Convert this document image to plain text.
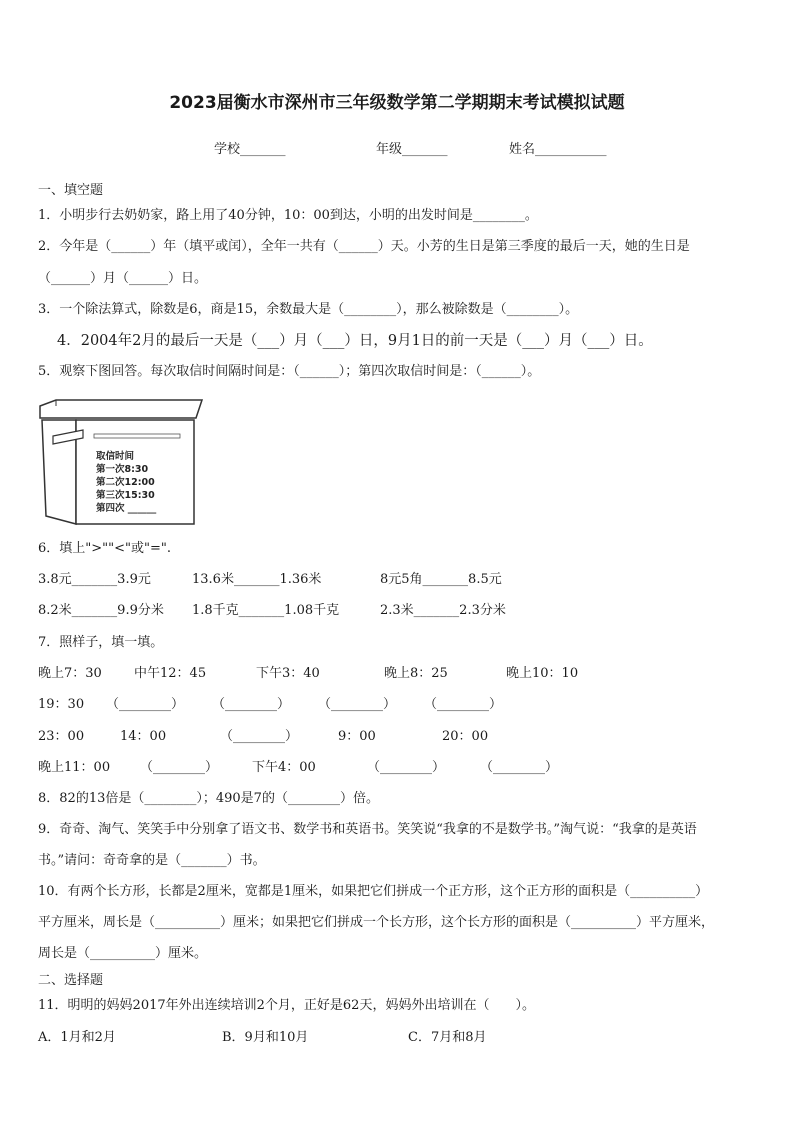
2023届衡水市深州市三年级数学第二学期期末考试模拟试题
学校_______	年级_______	姓名___________
一、填空题
1．小明步行去奶奶家，路上用了40分钟，10：00到达，小明的出发时间是________。
2．今年是（______）年（填平或闰），全年一共有（______）天。小芳的生日是第三季度的最后一天，她的生日是
（______）月（______）日。
3．一个除法算式，除数是6，商是15，余数最大是（________），那么被除数是（________）。
4．2004年2月的最后一天是（___）月（___）日，9月1日的前一天是（___）月（___）日。
5．观察下图回答。每次取信时间隔时间是：（______）；第四次取信时间是：（______）。
取信时间
第一次8:30
第二次12:00
第三次15:30
第四次 ______
6．填上">""<"或"=".
3.8元_______3.9元	13.6米_______1.36米	8元5角_______8.5元
8.2米_______9.9分米 1.8千克_______1.08千克	2.3米_______2.3分米
7．照样子，填一填。
晚上7：30 中午12：45	下午3：40	晚上8：25	晚上10：10
19：30 （________） （________） （________） （________）
23：00	14：00	（________）	9：00	20：00
晚上11：00 （________）	下午4：00	（________）	（________）
8．82的13倍是（________）；490是7的（________）倍。
9．奇奇、淘气、笑笑手中分别拿了语文书、数学书和英语书。笑笑说“我拿的不是数学书。”淘气说：“我拿的是英语
书。”请问：奇奇拿的是（_______）书。
10．有两个长方形，长都是2厘米，宽都是1厘米，如果把它们拼成一个正方形，这个正方形的面积是（__________）
平方厘米，周长是（__________）厘米；如果把它们拼成一个长方形，这个长方形的面积是（__________）平方厘米，
周长是（__________）厘米。
二、选择题
11．明明的妈妈2017年外出连续培训2个月，正好是62天，妈妈外出培训在（　　）。
A．1月和2月	B．9月和10月	C．7月和8月
